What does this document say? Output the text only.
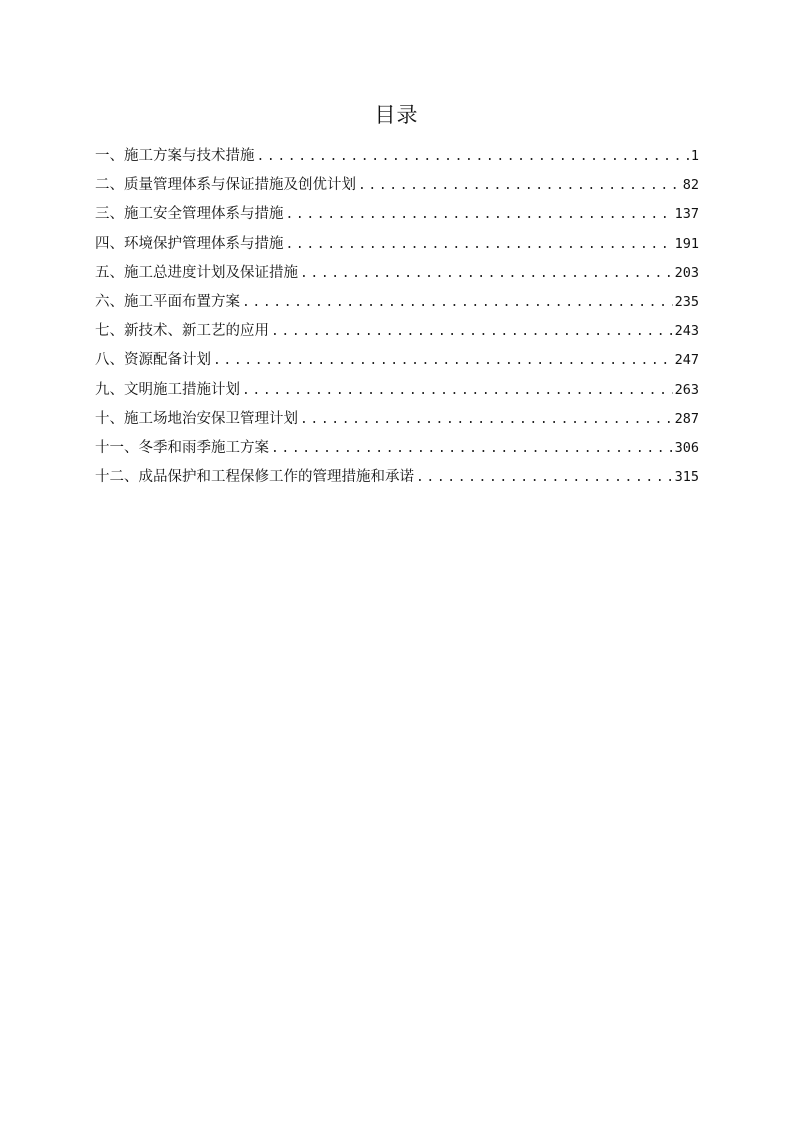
目录
一、施工方案与技术措施 .....	1
二、质量管理体系与保证措施及创优计划 .....	82
三、施工安全管理体系与措施 .....	137
四、环境保护管理体系与措施 .....	191
五、施工总进度计划及保证措施 .....	203
六、施工平面布置方案 .....	235
七、新技术、新工艺的应用 .....	243
八、资源配备计划 .....	247
九、文明施工措施计划 .....	263
十、施工场地治安保卫管理计划 .....	287
十一、冬季和雨季施工方案 .....	306
十二、成品保护和工程保修工作的管理措施和承诺 .....	315
